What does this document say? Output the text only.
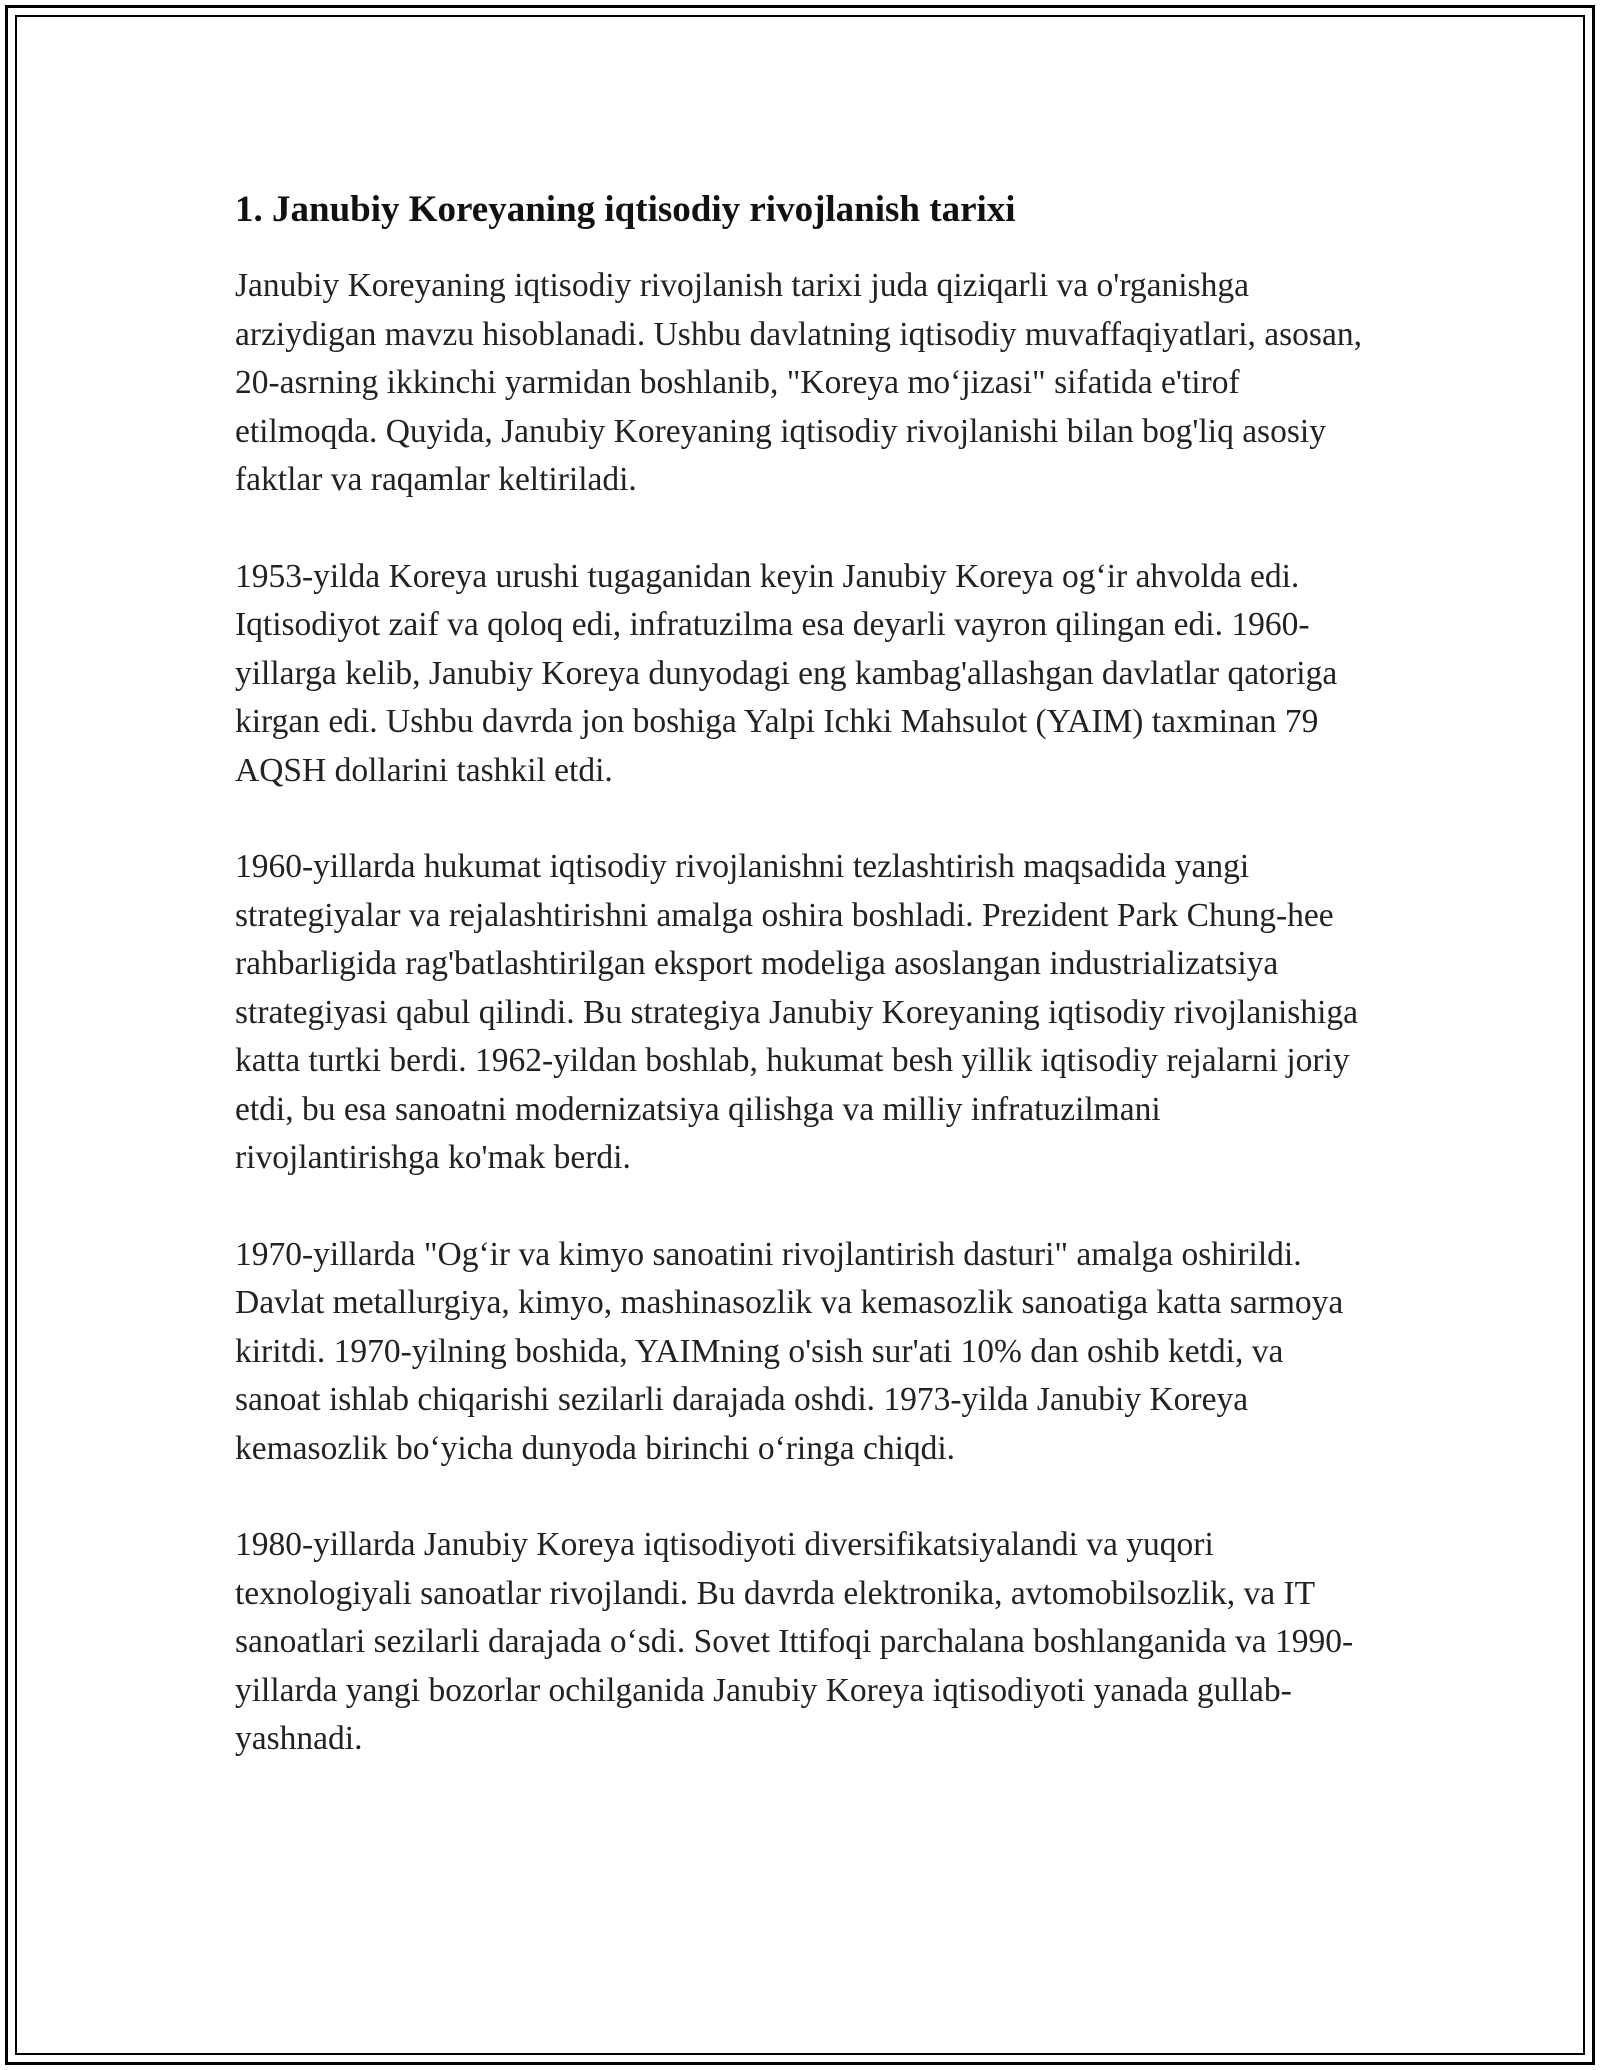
1. Janubiy Koreyaning iqtisodiy rivojlanish tarixi

Janubiy Koreyaning iqtisodiy rivojlanish tarixi juda qiziqarli va o'rganishga arziydigan mavzu hisoblanadi. Ushbu davlatning iqtisodiy muvaffaqiyatlari, asosan, 20-asrning ikkinchi yarmidan boshlanib, "Koreya mo‘jizasi" sifatida e'tirof etilmoqda. Quyida, Janubiy Koreyaning iqtisodiy rivojlanishi bilan bog'liq asosiy faktlar va raqamlar keltiriladi.

1953-yilda Koreya urushi tugaganidan keyin Janubiy Koreya og‘ir ahvolda edi. Iqtisodiyot zaif va qoloq edi, infratuzilma esa deyarli vayron qilingan edi. 1960-yillarga kelib, Janubiy Koreya dunyodagi eng kambag'allashgan davlatlar qatoriga kirgan edi. Ushbu davrda jon boshiga Yalpi Ichki Mahsulot (YAIM) taxminan 79 AQSH dollarini tashkil etdi.

1960-yillarda hukumat iqtisodiy rivojlanishni tezlashtirish maqsadida yangi strategiyalar va rejalashtirishni amalga oshira boshladi. Prezident Park Chung-hee rahbarligida rag'batlashtirilgan eksport modeliga asoslangan industrializatsiya strategiyasi qabul qilindi. Bu strategiya Janubiy Koreyaning iqtisodiy rivojlanishiga katta turtki berdi. 1962-yildan boshlab, hukumat besh yillik iqtisodiy rejalarni joriy etdi, bu esa sanoatni modernizatsiya qilishga va milliy infratuzilmani rivojlantirishga ko'mak berdi.

1970-yillarda "Og‘ir va kimyo sanoatini rivojlantirish dasturi" amalga oshirildi. Davlat metallurgiya, kimyo, mashinasozlik va kemasozlik sanoatiga katta sarmoya kiritdi. 1970-yilning boshida, YAIMning o'sish sur'ati 10% dan oshib ketdi, va sanoat ishlab chiqarishi sezilarli darajada oshdi. 1973-yilda Janubiy Koreya kemasozlik bo‘yicha dunyoda birinchi o‘ringa chiqdi.

1980-yillarda Janubiy Koreya iqtisodiyoti diversifikatsiyalandi va yuqori texnologiyali sanoatlar rivojlandi. Bu davrda elektronika, avtomobilsozlik, va IT sanoatlari sezilarli darajada o‘sdi. Sovet Ittifoqi parchalana boshlanganida va 1990-yillarda yangi bozorlar ochilganida Janubiy Koreya iqtisodiyoti yanada gullab-yashnadi.
